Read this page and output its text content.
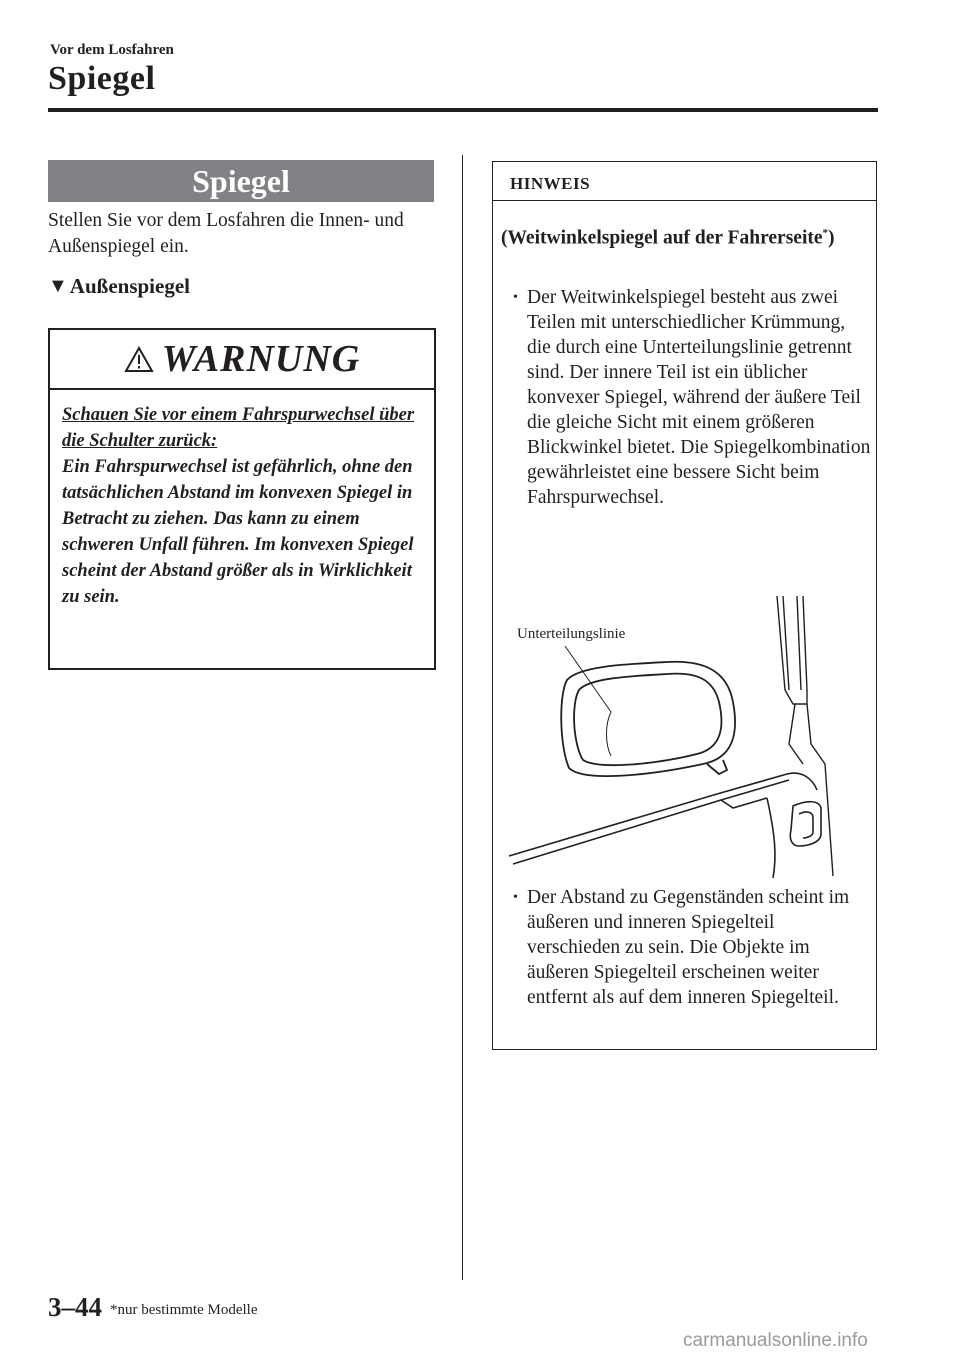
Vor dem Losfahren
Spiegel
Spiegel
Stellen Sie vor dem Losfahren die Innen- und Außenspiegel ein.
▼ Außenspiegel
WARNUNG
Schauen Sie vor einem Fahrspurwechsel über die Schulter zurück:
Ein Fahrspurwechsel ist gefährlich, ohne den tatsächlichen Abstand im konvexen Spiegel in Betracht zu ziehen. Das kann zu einem schweren Unfall führen. Im konvexen Spiegel scheint der Abstand größer als in Wirklichkeit zu sein.
HINWEIS
(Weitwinkelspiegel auf der Fahrerseite*)
• Der Weitwinkelspiegel besteht aus zwei Teilen mit unterschiedlicher Krümmung, die durch eine Unterteilungslinie getrennt sind. Der innere Teil ist ein üblicher konvexer Spiegel, während der äußere Teil die gleiche Sicht mit einem größeren Blickwinkel bietet. Die Spiegelkombination gewährleistet eine bessere Sicht beim Fahrspurwechsel.
Unterteilungslinie
• Der Abstand zu Gegenständen scheint im äußeren und inneren Spiegelteil verschieden zu sein. Die Objekte im äußeren Spiegelteil erscheinen weiter entfernt als auf dem inneren Spiegelteil.
3–44 *nur bestimmte Modelle
carmanualsonline.info
